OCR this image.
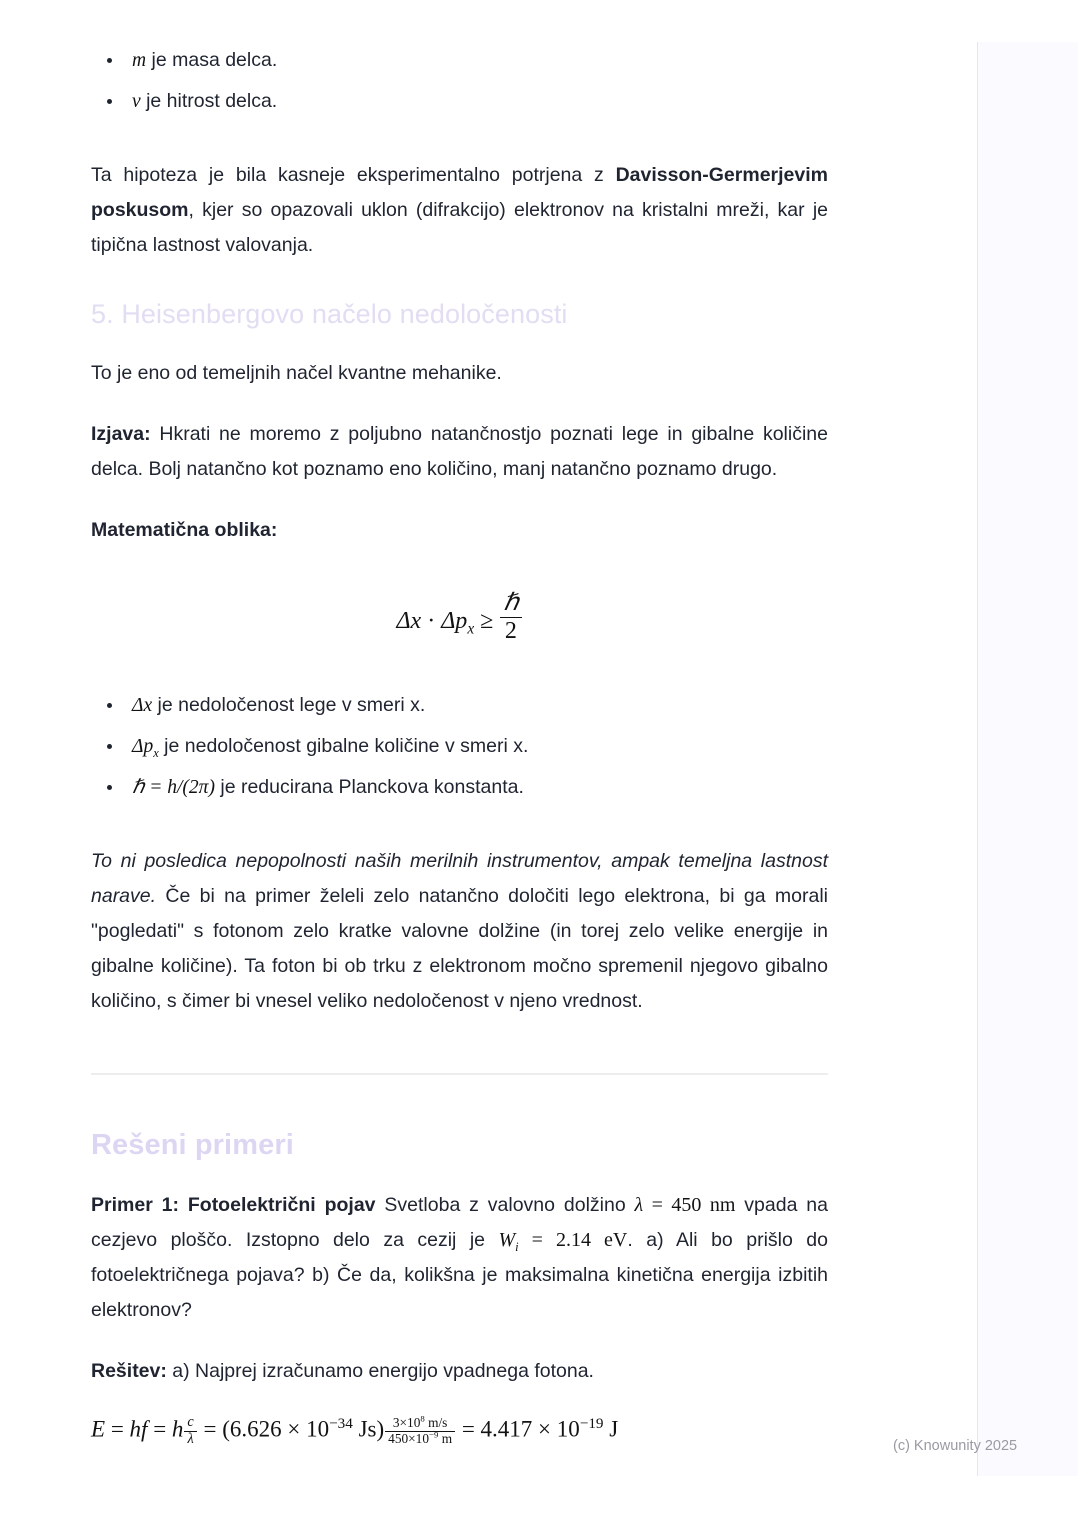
m je masa delca.
v je hitrost delca.

Ta hipoteza je bila kasneje eksperimentalno potrjena z Davisson-Germerjevim poskusom, kjer so opazovali uklon (difrakcijo) elektronov na kristalni mreži, kar je tipična lastnost valovanja.

5. Heisenbergovo načelo nedoločenosti

To je eno od temeljnih načel kvantne mehanike.

Izjava: Hkrati ne moremo z poljubno natančnostjo poznati lege in gibalne količine delca. Bolj natančno kot poznamo eno količino, manj natančno poznamo drugo.

Matematična oblika:

$\Delta x \cdot \Delta p_x \ge \frac{\text{ℏ}}{2}$
Δx je nedoločenost lege v smeri x.
$\Delta p_x$ je nedoločenost gibalne količine v smeri x.
ℏ = h/(2π) je reducirana Planckova konstanta.

To ni posledica nepopolnosti naših merilnih instrumentov, ampak temeljna lastnost narave. Če bi na primer želeli zelo natančno določiti lego elektrona, bi ga morali "pogledati" s fotonom zelo kratke valovne dolžine (in torej zelo velike energije in gibalne količine). Ta foton bi ob trku z elektronom močno spremenil njegovo gibalno količino, s čimer bi vnesel veliko nedoločenost v njeno vrednost.

Rešeni primeri

Primer 1: Fotoelektrični pojav Svetloba z valovno dolžino λ = 450 nm vpada na cezjevo ploščo. Izstopno delo za cezij je $W_i = 2.14$ eV. a) Ali bo prišlo do fotoelektričnega pojava? b) Če da, kolikšna je maksimalna kinetična energija izbitih elektronov?

Rešitev: a) Najprej izračunamo energijo vpadnega fotona.

E = hf = h $\frac{c}{\lambda} = (6.626 \times 10^{-34}$ $Js) \frac{3\times 10^8 m/s}{450\times 10^{-9} m} = 4.417 \times 10^{-19}$ J
(c) Knowunity 2025
